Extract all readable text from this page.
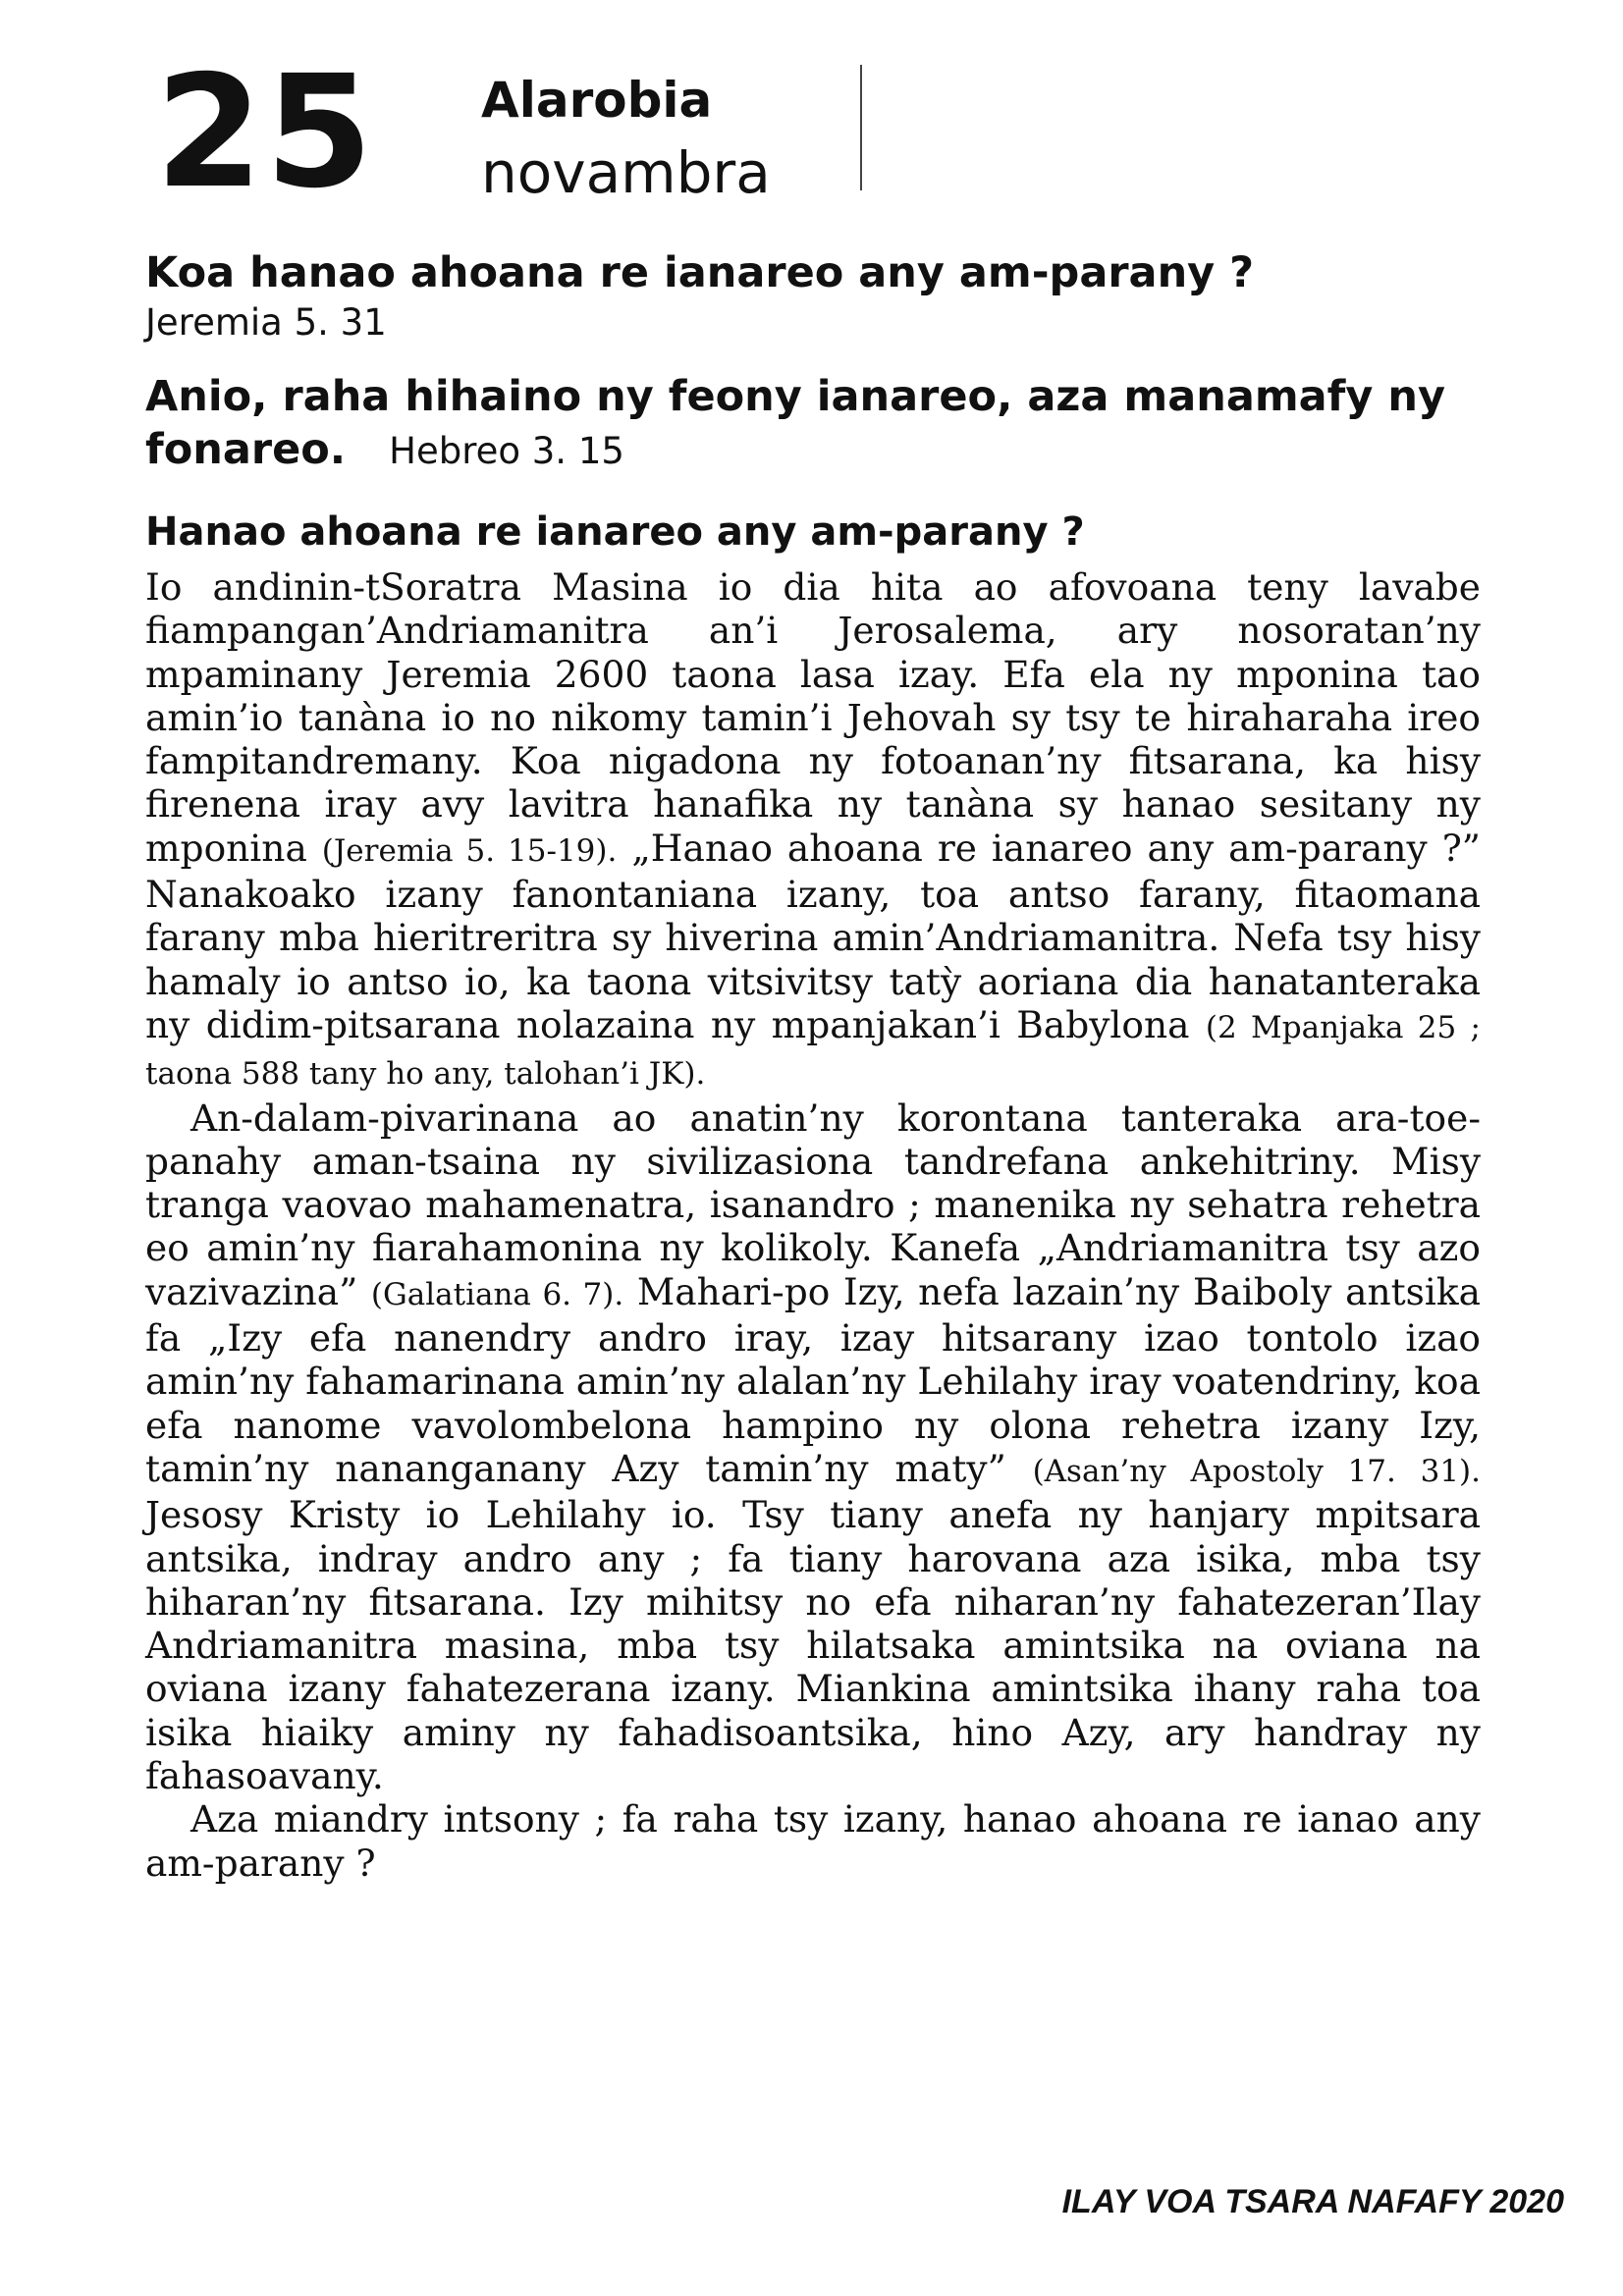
25 Alarobia
novambra
Koa hanao ahoana re ianareo any am-parany ?
Jeremia 5. 31
Anio, raha hihaino ny feony ianareo, aza manamafy ny fonareo. Hebreo 3. 15
Hanao ahoana re ianareo any am-parany ?

Io andinin-tSoratra Masina io dia hita ao afovoana teny lavabe fiampangan’Andriamanitra an’i Jerosalema, ary nosoratan’ny mpaminany Jeremia 2600 taona lasa izay. Efa ela ny mponina tao amin’io tanàna io no nikomy tamin’i Jehovah sy tsy te hiraharaha ireo fampitandremany. Koa nigadona ny fotoanan’ny fitsarana, ka hisy firenena iray avy lavitra hanafika ny tanàna sy hanao sesitany ny mponina (Jeremia 5. 15-19). „Hanao ahoana re ianareo any am-parany ?” Nanakoako izany fanontaniana izany, toa antso farany, fitaomana farany mba hieritreritra sy hiverina amin’Andriamanitra. Nefa tsy hisy hamaly io antso io, ka taona vitsivitsy tatỳ aoriana dia hanatanteraka ny didim-pitsarana nolazaina ny mpanjakan’i Babylona (2 Mpanjaka 25 ; taona 588 tany ho any, talohan’i JK).

An-dalam-pivarinana ao anatin’ny korontana tanteraka ara-toe-panahy aman-tsaina ny sivilizasiona tandrefana ankehitriny. Misy tranga vaovao mahamenatra, isanandro ; manenika ny sehatra rehetra eo amin’ny fiarahamonina ny kolikoly. Kanefa „Andriamanitra tsy azo vazivazina” (Galatiana 6. 7). Mahari-po Izy, nefa lazain’ny Baiboly antsika fa „Izy efa nanendry andro iray, izay hitsarany izao tontolo izao amin’ny fahamarinana amin’ny alalan’ny Lehilahy iray voatendriny, koa efa nanome vavolombelona hampino ny olona rehetra izany Izy, tamin’ny nananganany Azy tamin’ny maty” (Asan’ny Apostoly 17. 31). Jesosy Kristy io Lehilahy io. Tsy tiany anefa ny hanjary mpitsara antsika, indray andro any ; fa tiany harovana aza isika, mba tsy hiharan’ny fitsarana. Izy mihitsy no efa niharan’ny fahatezeran’Ilay Andriamanitra masina, mba tsy hilatsaka amintsika na oviana na oviana izany fahatezerana izany. Miankina amintsika ihany raha toa isika hiaiky aminy ny fahadisoantsika, hino Azy, ary handray ny fahasoavany.

Aza miandry intsony ; fa raha tsy izany, hanao ahoana re ianao any am-parany ?

ILAY VOA TSARA NAFAFY 2020
